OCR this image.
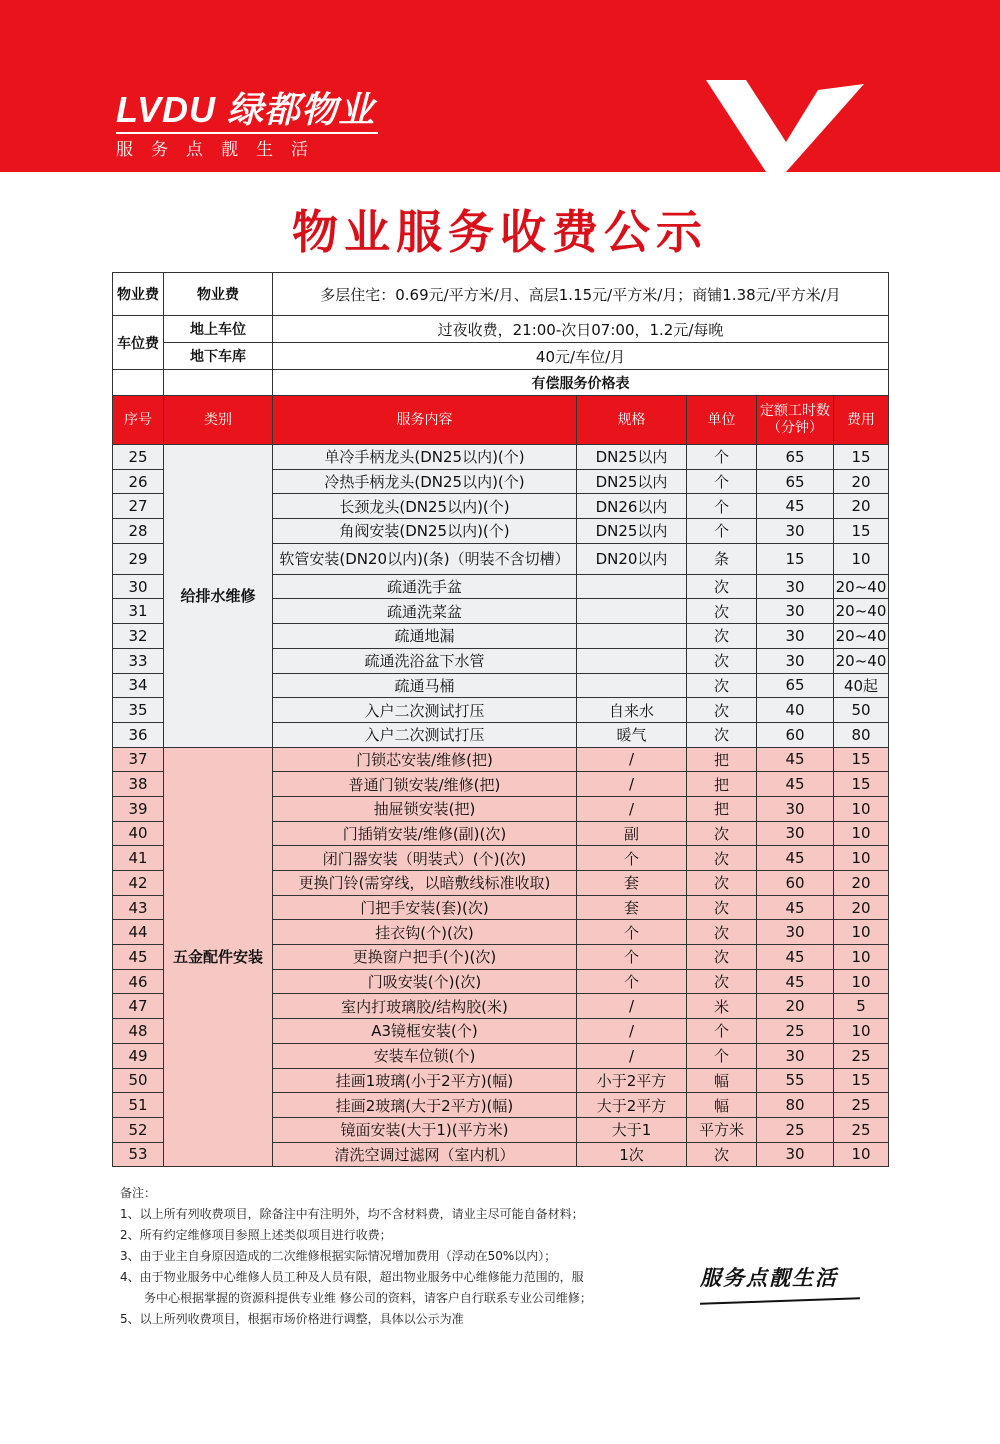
LVDU 绿都物业
服务点靓生活
物业服务收费公示
物业费	物业费	多层住宅：0.69元/平方米/月、高层1.15元/平方米/月；商铺1.38元/平方米/月				
车位费	地上车位	过夜收费，21:00-次日07:00，1.2元/每晚				
	地下车库	40元/车位/月				
		有偿服务价格表				
序号	类别	服务内容	规格	单位	定额工时数（分钟）	费用
25	给排水维修	单冷手柄龙头(DN25以内)(个)	DN25以内	个	65	15
26		冷热手柄龙头(DN25以内)(个)	DN25以内	个	65	20
27		长颈龙头(DN25以内)(个)	DN26以内	个	45	20
28		角阀安装(DN25以内)(个)	DN25以内	个	30	15
29		软管安装(DN20以内)(条)（明装不含切槽）	DN20以内	条	15	10
30		疏通洗手盆		次	30	20~40
31		疏通洗菜盆		次	30	20~40
32		疏通地漏		次	30	20~40
33		疏通洗浴盆下水管		次	30	20~40
34		疏通马桶		次	65	40起
35		入户二次测试打压	自来水	次	40	50
36		入户二次测试打压	暖气	次	60	80
37	五金配件安装	门锁芯安装/维修(把)	/	把	45	15
38		普通门锁安装/维修(把)	/	把	45	15
39		抽屉锁安装(把)	/	把	30	10
40		门插销安装/维修(副)(次)	副	次	30	10
41		闭门器安装（明装式）(个)(次)	个	次	45	10
42		更换门铃(需穿线，以暗敷线标准收取)	套	次	60	20
43		门把手安装(套)(次)	套	次	45	20
44		挂衣钩(个)(次)	个	次	30	10
45		更换窗户把手(个)(次)	个	次	45	10
46		门吸安装(个)(次)	个	次	45	10
47		室内打玻璃胶/结构胶(米)	/	米	20	5
48		A3镜框安装(个)	/	个	25	10
49		安装车位锁(个)	/	个	30	25
50		挂画1玻璃(小于2平方)(幅)	小于2平方	幅	55	15
51		挂画2玻璃(大于2平方)(幅)	大于2平方	幅	80	25
52		镜面安装(大于1)(平方米)	大于1	平方米	25	25
53		清洗空调过滤网（室内机）	1次	次	30	10
备注：
1、以上所有列收费项目，除备注中有注明外，均不含材料费，请业主尽可能自备材料；
2、所有约定维修项目参照上述类似项目进行收费；
3、由于业主自身原因造成的二次维修根据实际情况增加费用（浮动在50%以内）；
4、由于物业服务中心维修人员工种及人员有限，超出物业服务中心维修能力范围的，服
务中心根据掌握的资源科提供专业维 修公司的资料，请客户自行联系专业公司维修；
5、以上所列收费项目，根据市场价格进行调整，具体以公示为准
服务点靓生活
